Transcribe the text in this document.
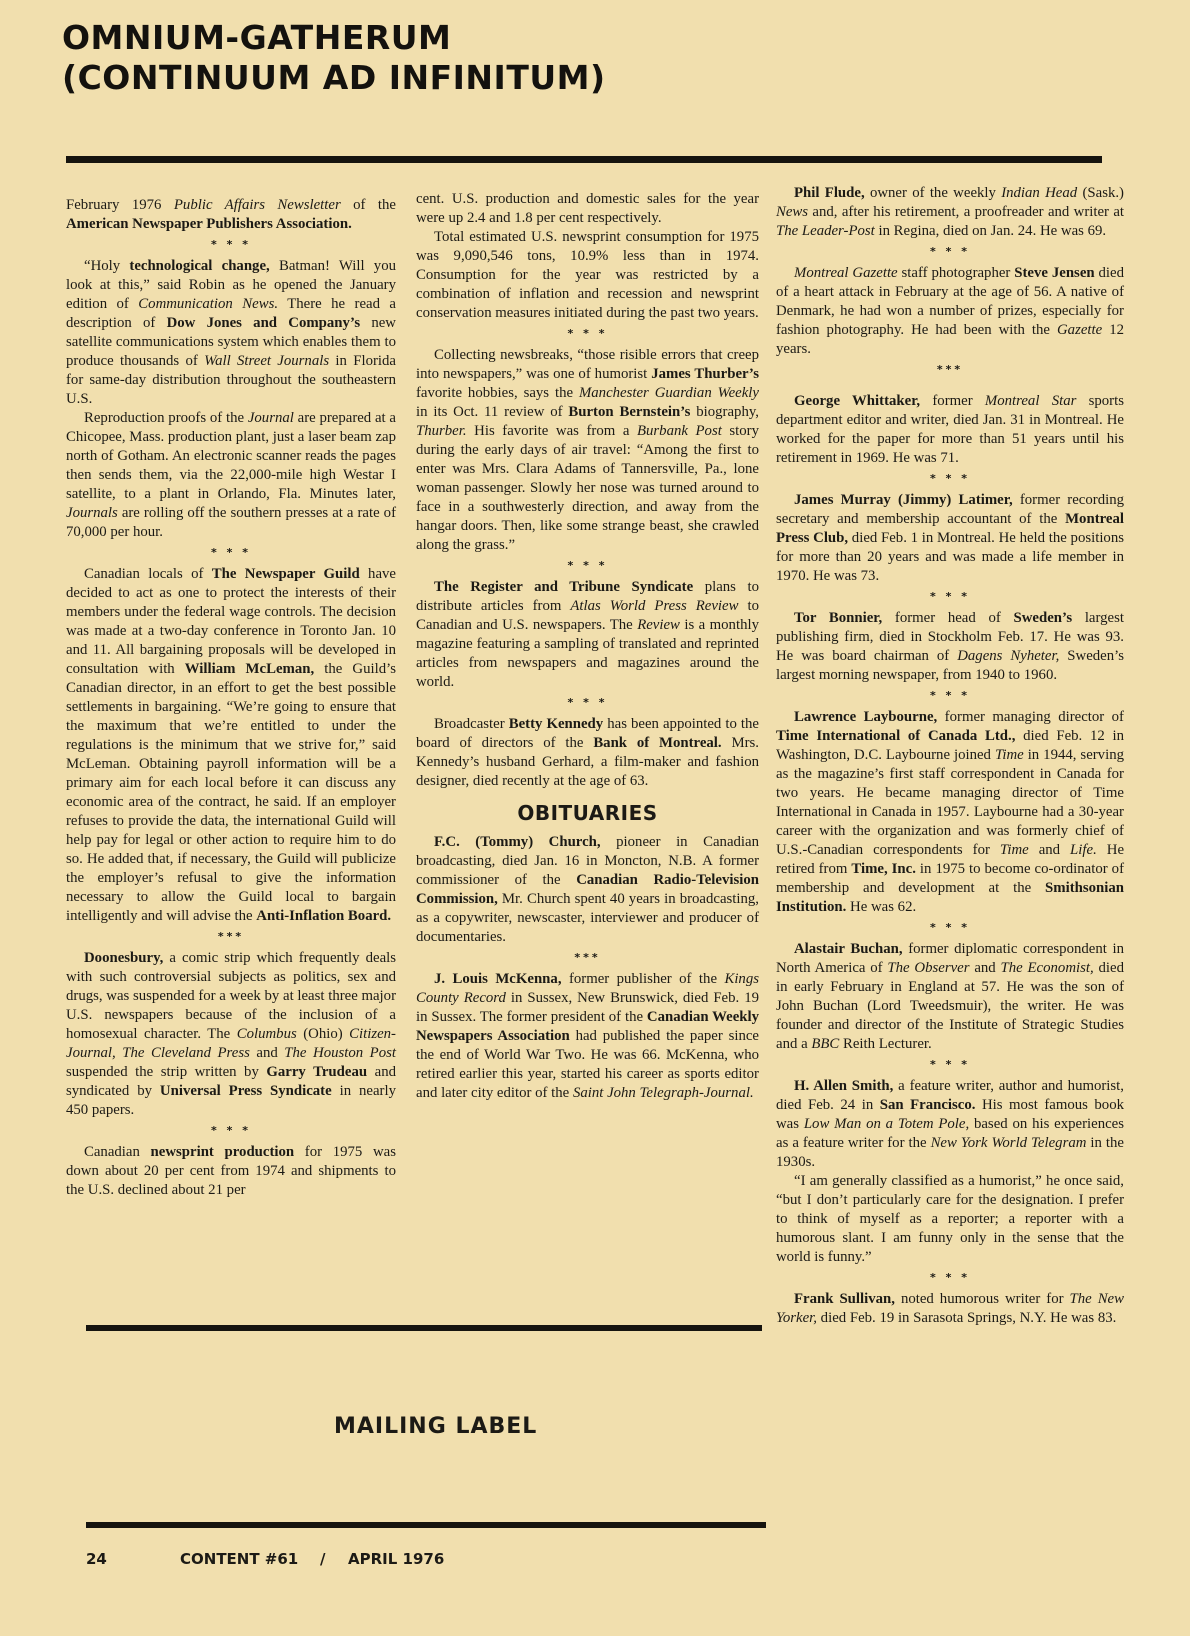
OMNIUM-GATHERUM
(CONTINUUM AD INFINITUM)

February 1976 Public Affairs Newsletter of the American Newspaper Publishers Association.

* * *

“Holy technological change, Batman! Will you look at this,” said Robin as he opened the January edition of Communication News. There he read a description of Dow Jones and Company’s new satellite communications system which enables them to produce thousands of Wall Street Journals in Florida for same-day distribution throughout the southeastern U.S.

Reproduction proofs of the Journal are prepared at a Chicopee, Mass. production plant, just a laser beam zap north of Gotham. An electronic scanner reads the pages then sends them, via the 22,000-mile high Westar I satellite, to a plant in Orlando, Fla. Minutes later, Journals are rolling off the southern presses at a rate of 70,000 per hour.

* * *

Canadian locals of The Newspaper Guild have decided to act as one to protect the interests of their members under the federal wage controls. The decision was made at a two-day conference in Toronto Jan. 10 and 11. All bargaining proposals will be developed in consultation with William McLeman, the Guild’s Canadian director, in an effort to get the best possible settlements in bargaining. “We’re going to ensure that the maximum that we’re entitled to under the regulations is the minimum that we strive for,” said McLeman. Obtaining payroll information will be a primary aim for each local before it can discuss any economic area of the contract, he said. If an employer refuses to provide the data, the international Guild will help pay for legal or other action to require him to do so. He added that, if necessary, the Guild will publicize the employer’s refusal to give the information necessary to allow the Guild local to bargain intelligently and will advise the Anti-Inflation Board.

***

Doonesbury, a comic strip which frequently deals with such controversial subjects as politics, sex and drugs, was suspended for a week by at least three major U.S. newspapers because of the inclusion of a homosexual character. The Columbus (Ohio) Citizen-Journal, The Cleveland Press and The Houston Post suspended the strip written by Garry Trudeau and syndicated by Universal Press Syndicate in nearly 450 papers.

* * *

Canadian newsprint production for 1975 was down about 20 per cent from 1974 and shipments to the U.S. declined about 21 per

cent. U.S. production and domestic sales for the year were up 2.4 and 1.8 per cent respectively.

Total estimated U.S. newsprint consumption for 1975 was 9,090,546 tons, 10.9% less than in 1974. Consumption for the year was restricted by a combination of inflation and recession and newsprint conservation measures initiated during the past two years.

* * *

Collecting newsbreaks, “those risible errors that creep into newspapers,” was one of humorist James Thurber’s favorite hobbies, says the Manchester Guardian Weekly in its Oct. 11 review of Burton Bernstein’s biography, Thurber. His favorite was from a Burbank Post story during the early days of air travel: “Among the first to enter was Mrs. Clara Adams of Tannersville, Pa., lone woman passenger. Slowly her nose was turned around to face in a southwesterly direction, and away from the hangar doors. Then, like some strange beast, she crawled along the grass.”

* * *

The Register and Tribune Syndicate plans to distribute articles from Atlas World Press Review to Canadian and U.S. newspapers. The Review is a monthly magazine featuring a sampling of translated and reprinted articles from newspapers and magazines around the world.

* * *

Broadcaster Betty Kennedy has been appointed to the board of directors of the Bank of Montreal. Mrs. Kennedy’s husband Gerhard, a film-maker and fashion designer, died recently at the age of 63.

OBITUARIES

F.C. (Tommy) Church, pioneer in Canadian broadcasting, died Jan. 16 in Moncton, N.B. A former commissioner of the Canadian Radio-Television Commission, Mr. Church spent 40 years in broadcasting, as a copywriter, newscaster, interviewer and producer of documentaries.

***

J. Louis McKenna, former publisher of the Kings County Record in Sussex, New Brunswick, died Feb. 19 in Sussex. The former president of the Canadian Weekly Newspapers Association had published the paper since the end of World War Two. He was 66. McKenna, who retired earlier this year, started his career as sports editor and later city editor of the Saint John Telegraph-Journal.

Phil Flude, owner of the weekly Indian Head (Sask.) News and, after his retirement, a proofreader and writer at The Leader-Post in Regina, died on Jan. 24. He was 69.

* * *

Montreal Gazette staff photographer Steve Jensen died of a heart attack in February at the age of 56. A native of Denmark, he had won a number of prizes, especially for fashion photography. He had been with the Gazette 12 years.

***

George Whittaker, former Montreal Star sports department editor and writer, died Jan. 31 in Montreal. He worked for the paper for more than 51 years until his retirement in 1969. He was 71.

* * *

James Murray (Jimmy) Latimer, former recording secretary and membership accountant of the Montreal Press Club, died Feb. 1 in Montreal. He held the positions for more than 20 years and was made a life member in 1970. He was 73.

* * *

Tor Bonnier, former head of Sweden’s largest publishing firm, died in Stockholm Feb. 17. He was 93. He was board chairman of Dagens Nyheter, Sweden’s largest morning newspaper, from 1940 to 1960.

* * *

Lawrence Laybourne, former managing director of Time International of Canada Ltd., died Feb. 12 in Washington, D.C. Laybourne joined Time in 1944, serving as the magazine’s first staff correspondent in Canada for two years. He became managing director of Time International in Canada in 1957. Laybourne had a 30-year career with the organization and was formerly chief of U.S.-Canadian correspondents for Time and Life. He retired from Time, Inc. in 1975 to become co-ordinator of membership and development at the Smithsonian Institution. He was 62.

* * *

Alastair Buchan, former diplomatic correspondent in North America of The Observer and The Economist, died in early February in England at 57. He was the son of John Buchan (Lord Tweedsmuir), the writer. He was founder and director of the Institute of Strategic Studies and a BBC Reith Lecturer.

* * *

H. Allen Smith, a feature writer, author and humorist, died Feb. 24 in San Francisco. His most famous book was Low Man on a Totem Pole, based on his experiences as a feature writer for the New York World Telegram in the 1930s.

“I am generally classified as a humorist,” he once said, “but I don’t particularly care for the designation. I prefer to think of myself as a reporter; a reporter with a humorous slant. I am funny only in the sense that the world is funny.”

* * *

Frank Sullivan, noted humorous writer for The New Yorker, died Feb. 19 in Sarasota Springs, N.Y. He was 83.

MAILING LABEL
24	CONTENT #61 / APRIL 1976
